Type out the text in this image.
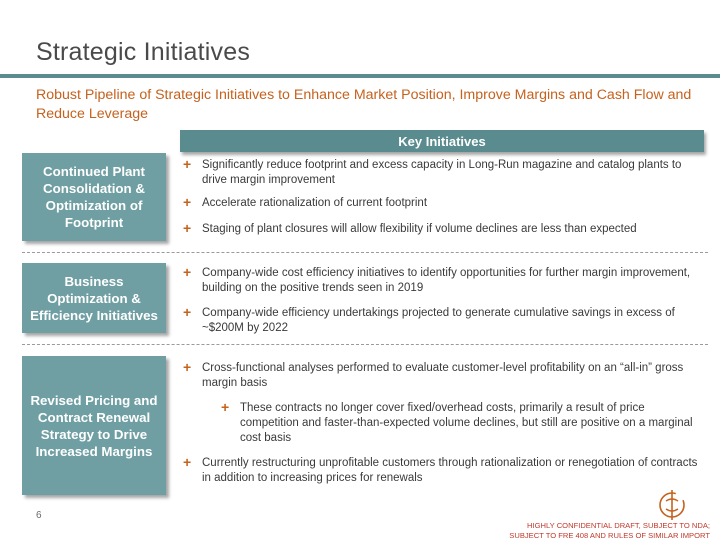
Strategic Initiatives
Robust Pipeline of Strategic Initiatives to Enhance Market Position, Improve Margins and Cash Flow and Reduce Leverage
Key Initiatives
Continued Plant Consolidation & Optimization of Footprint
+ Significantly reduce footprint and excess capacity in Long-Run magazine and catalog plants to drive margin improvement
+ Accelerate rationalization of current footprint
+ Staging of plant closures will allow flexibility if volume declines are less than expected
Business Optimization & Efficiency Initiatives
+ Company-wide cost efficiency initiatives to identify opportunities for further margin improvement, building on the positive trends seen in 2019
+ Company-wide efficiency undertakings projected to generate cumulative savings in excess of ~$200M by 2022
Revised Pricing and Contract Renewal Strategy to Drive Increased Margins
+ Cross-functional analyses performed to evaluate customer-level profitability on an “all-in” gross margin basis
+ These contracts no longer cover fixed/overhead costs, primarily a result of price competition and faster-than-expected volume declines, but still are positive on a marginal cost basis
+ Currently restructuring unprofitable customers through rationalization or renegotiation of contracts in addition to increasing prices for renewals
6
HIGHLY CONFIDENTIAL DRAFT, SUBJECT TO NDA;
SUBJECT TO FRE 408 AND RULES OF SIMILAR IMPORT
